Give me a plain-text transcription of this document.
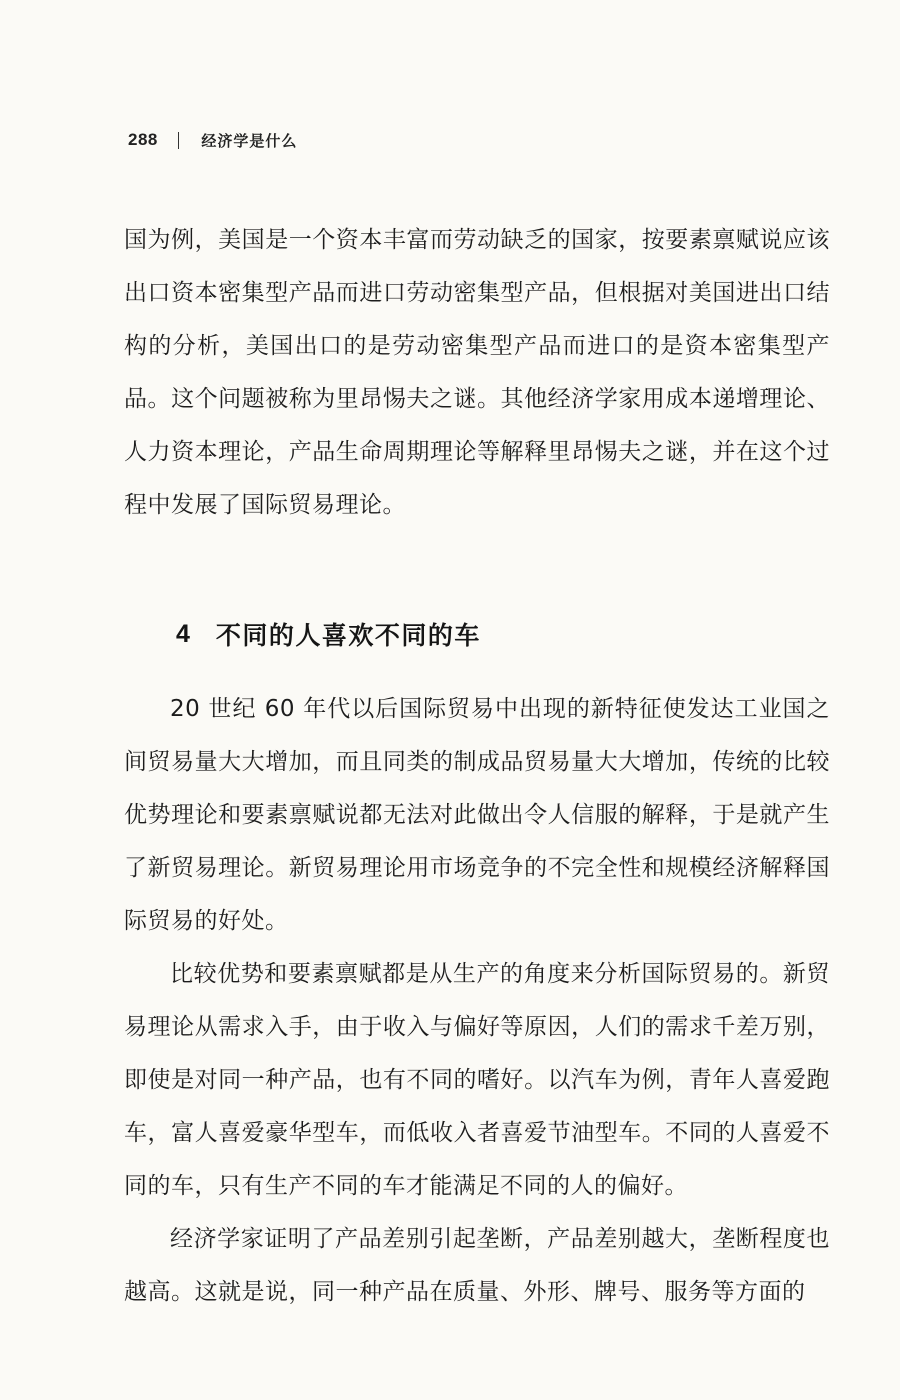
288	经济学是什么

国为例，美国是一个资本丰富而劳动缺乏的国家，按要素禀赋说应该出口资本密集型产品而进口劳动密集型产品，但根据对美国进出口结构的分析，美国出口的是劳动密集型产品而进口的是资本密集型产品。这个问题被称为里昂惕夫之谜。其他经济学家用成本递增理论、人力资本理论，产品生命周期理论等解释里昂惕夫之谜，并在这个过程中发展了国际贸易理论。

4 不同的人喜欢不同的车

20 世纪 60 年代以后国际贸易中出现的新特征使发达工业国之间贸易量大大增加，而且同类的制成品贸易量大大增加，传统的比较优势理论和要素禀赋说都无法对此做出令人信服的解释，于是就产生了新贸易理论。新贸易理论用市场竞争的不完全性和规模经济解释国际贸易的好处。

比较优势和要素禀赋都是从生产的角度来分析国际贸易的。新贸易理论从需求入手，由于收入与偏好等原因，人们的需求千差万别，即使是对同一种产品，也有不同的嗜好。以汽车为例，青年人喜爱跑车，富人喜爱豪华型车，而低收入者喜爱节油型车。不同的人喜爱不同的车，只有生产不同的车才能满足不同的人的偏好。

经济学家证明了产品差别引起垄断，产品差别越大，垄断程度也越高。这就是说，同一种产品在质量、外形、牌号、服务等方面的
